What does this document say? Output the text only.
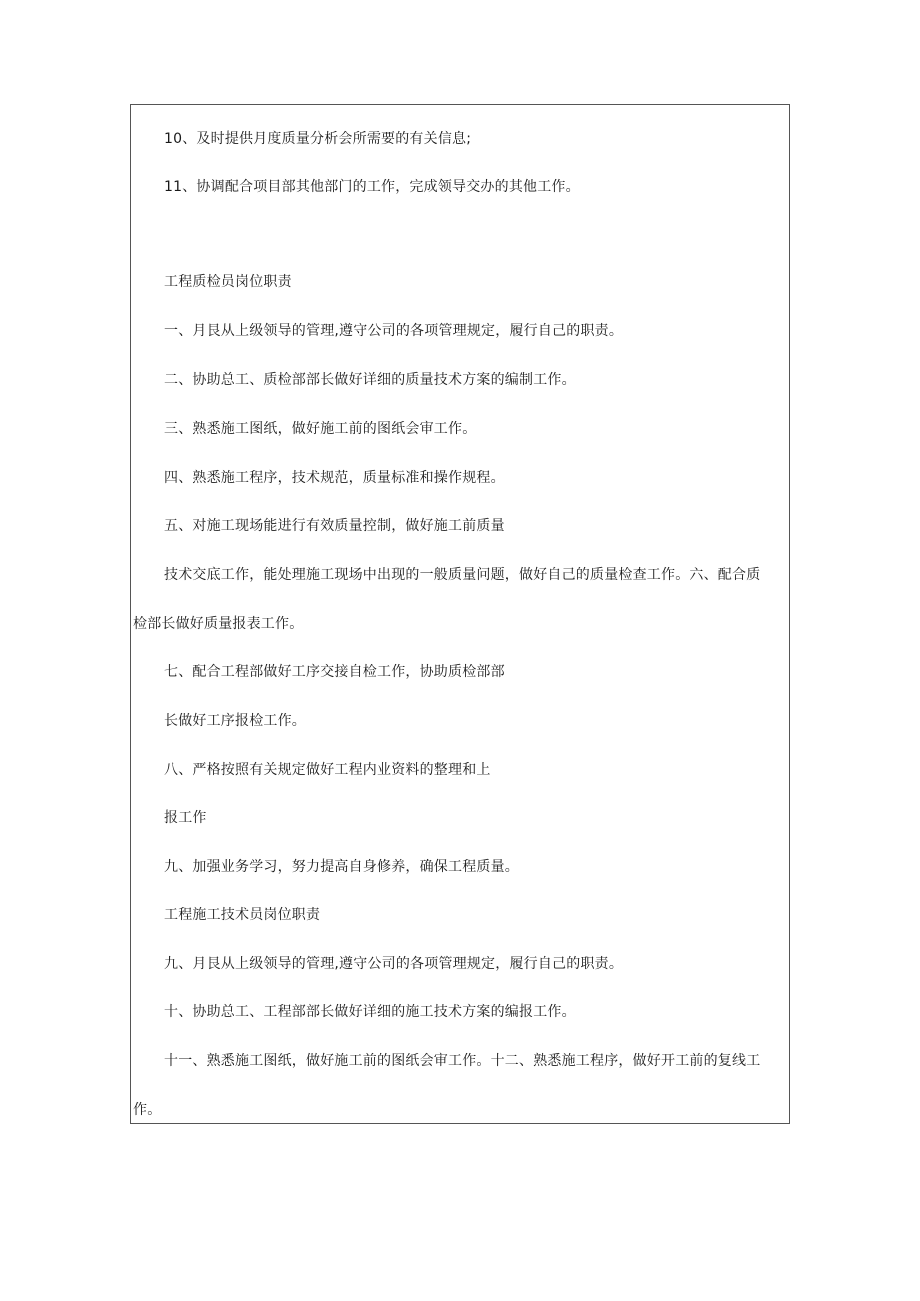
10、及时提供月度质量分析会所需要的有关信息;
11、协调配合项目部其他部门的工作，完成领导交办的其他工作。
工程质检员岗位职责
一、月艮从上级领导的管理,遵守公司的各项管理规定，履行自己的职责。
二、协助总工、质检部部长做好详细的质量技术方案的编制工作。
三、熟悉施工图纸，做好施工前的图纸会审工作。
四、熟悉施工程序，技术规范，质量标准和操作规程。
五、对施工现场能进行有效质量控制，做好施工前质量
技术交底工作，能处理施工现场中出现的一般质量问题，做好自己的质量检查工作。六、配合质
检部长做好质量报表工作。
七、配合工程部做好工序交接自检工作，协助质检部部
长做好工序报检工作。
八、严格按照有关规定做好工程内业资料的整理和上
报工作
九、加强业务学习，努力提高自身修养，确保工程质量。
工程施工技术员岗位职责
九、月艮从上级领导的管理,遵守公司的各项管理规定，履行自己的职责。
十、协助总工、工程部部长做好详细的施工技术方案的编报工作。
十一、熟悉施工图纸，做好施工前的图纸会审工作。十二、熟悉施工程序，做好开工前的复线工
作。
